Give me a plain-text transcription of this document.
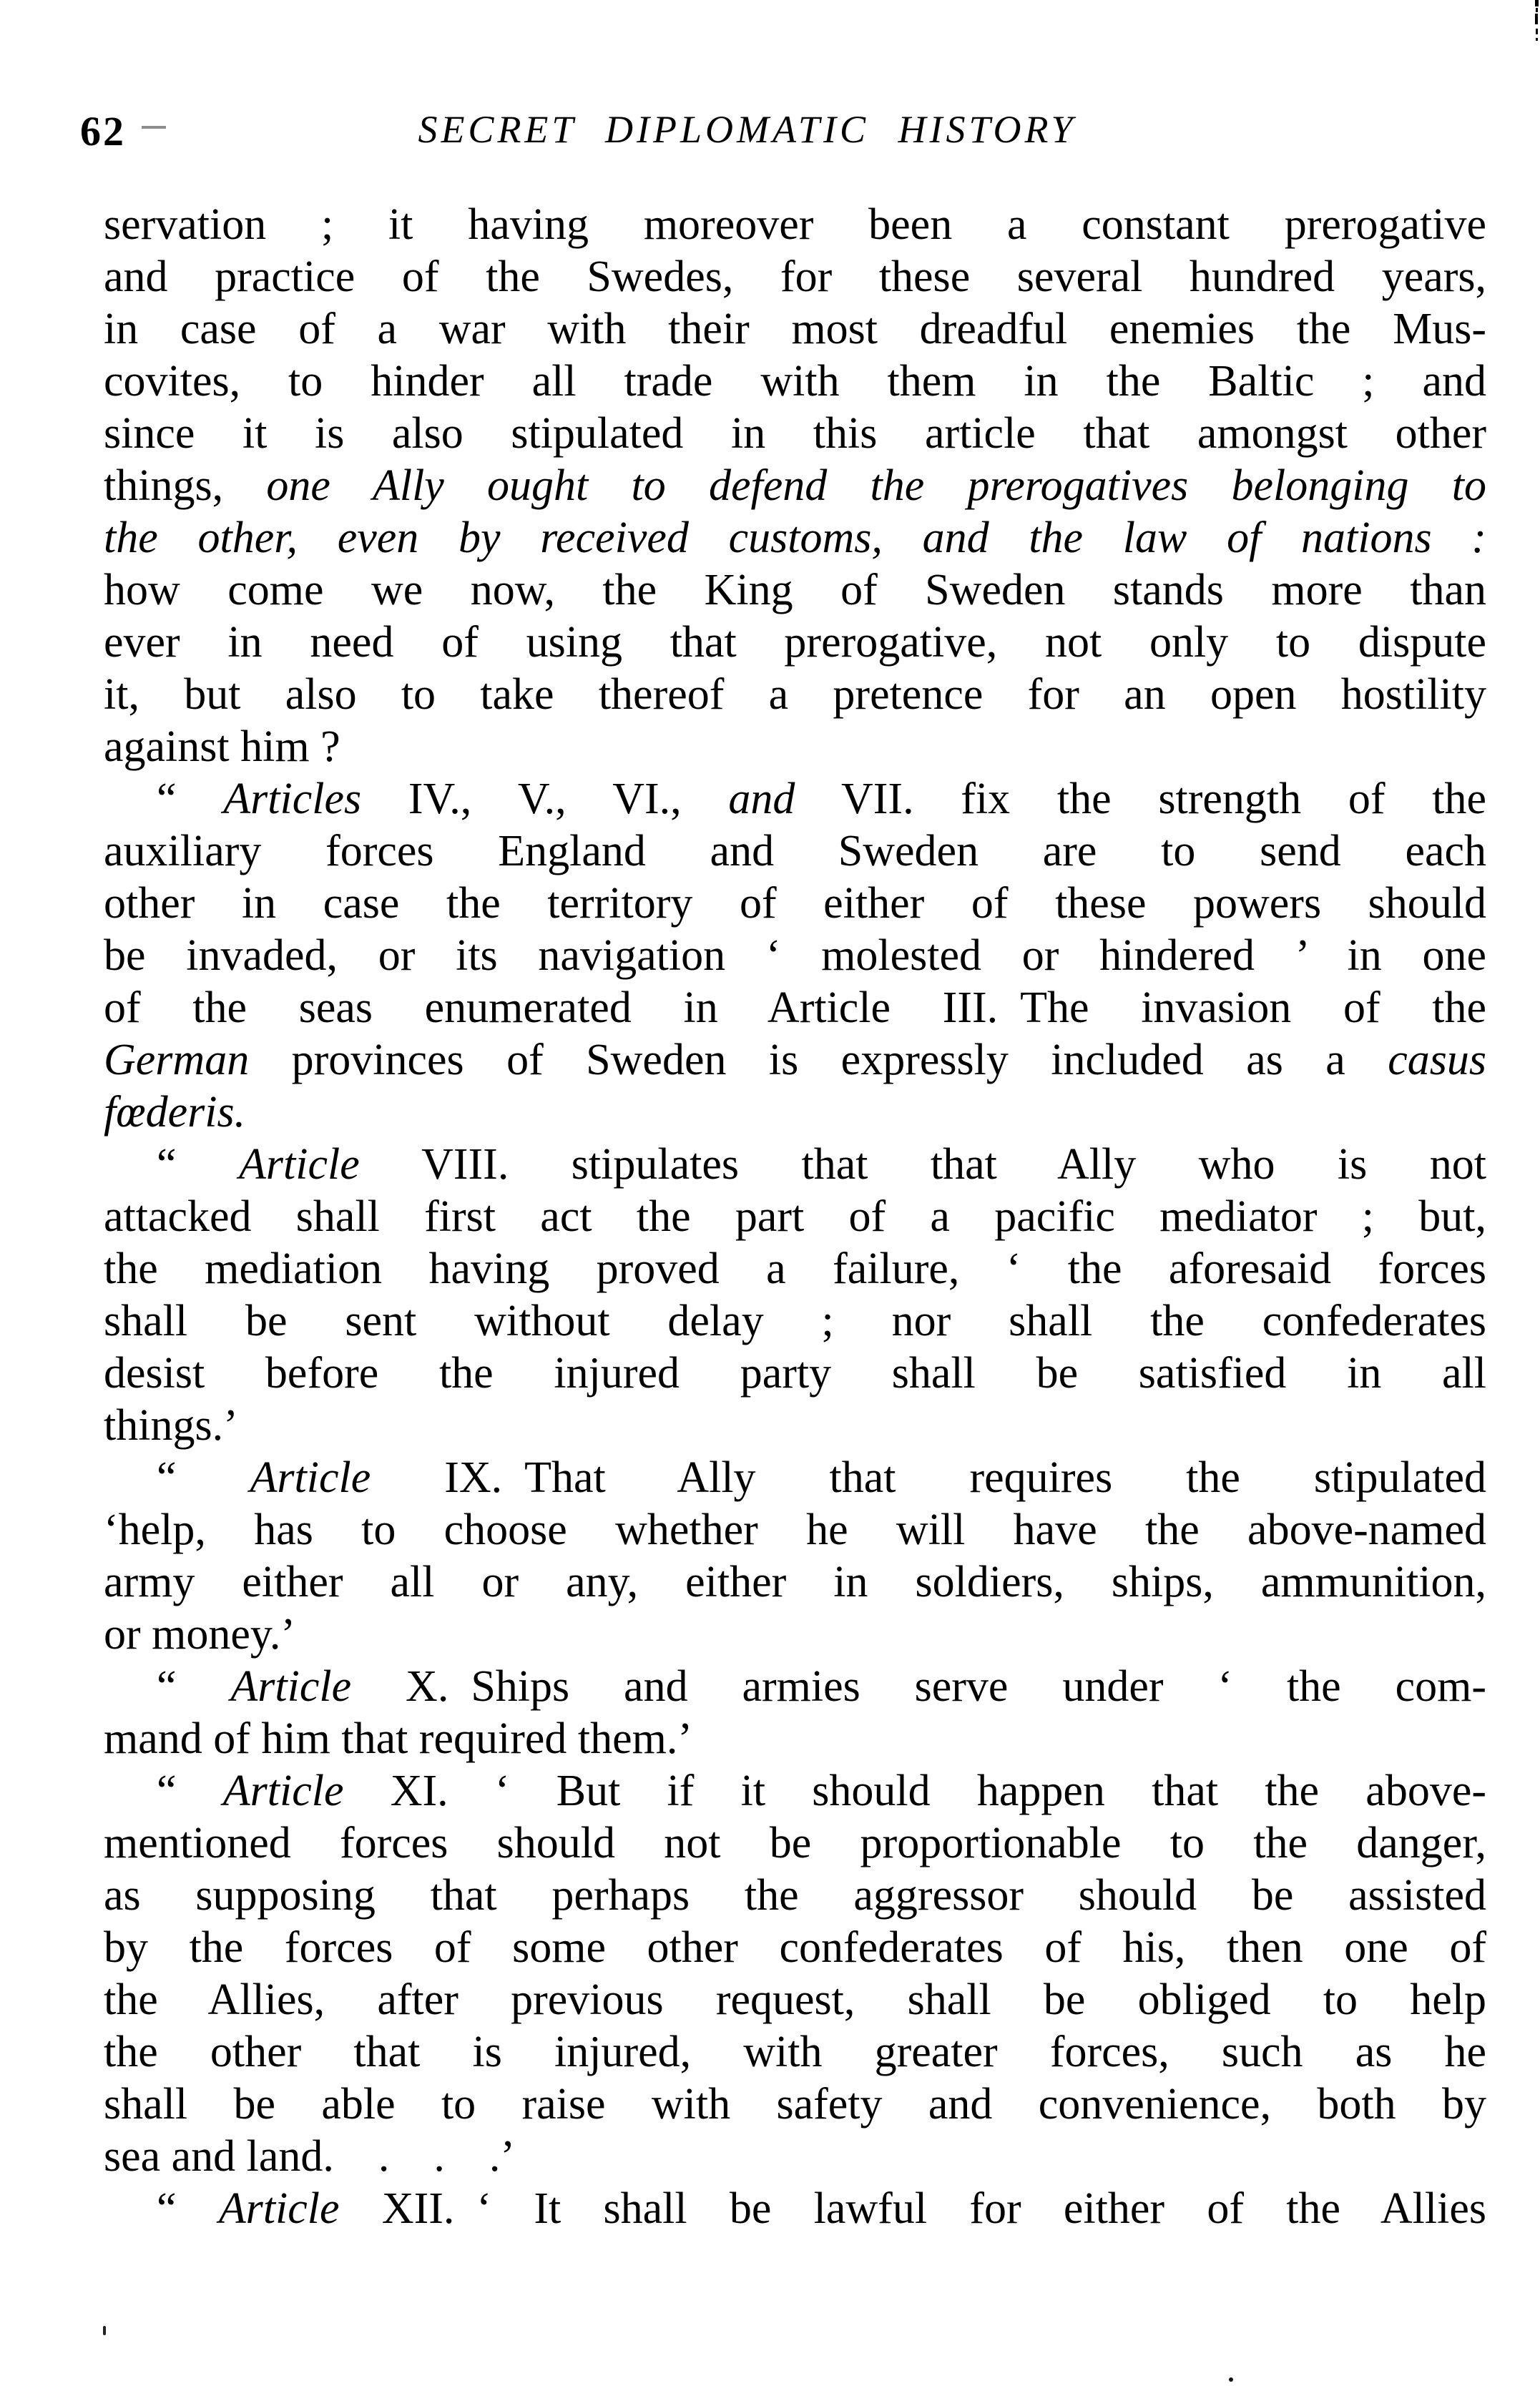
62	SECRET DIPLOMATIC HISTORY
servation ; it having moreover been a constant prerogative
and practice of the Swedes, for these several hundred years,
in case of a war with their most dreadful enemies the Mus-
covites, to hinder all trade with them in the Baltic ; and
since it is also stipulated in this article that amongst other
things, one Ally ought to defend the prerogatives belonging to
the other, even by received customs, and the law of nations :
how come we now, the King of Sweden stands more than
ever in need of using that prerogative, not only to dispute
it, but also to take thereof a pretence for an open hostility
against him ?
“ Articles IV., V., VI., and VII. fix the strength of the
auxiliary forces England and Sweden are to send each
other in case the territory of either of these powers should
be invaded, or its navigation ‘ molested or hindered ’ in one
of the seas enumerated in Article III. The invasion of the
German provinces of Sweden is expressly included as a casus
fœderis.
“ Article VIII. stipulates that that Ally who is not
attacked shall first act the part of a pacific mediator ; but,
the mediation having proved a failure, ‘ the aforesaid forces
shall be sent without delay ; nor shall the confederates
desist before the injured party shall be satisfied in all
things.’
“ Article IX. That Ally that requires the stipulated
‘help, has to choose whether he will have the above-named
army either all or any, either in soldiers, ships, ammunition,
or money.’
“ Article X. Ships and armies serve under ‘ the com-
mand of him that required them.’
“ Article XI. ‘ But if it should happen that the above-
mentioned forces should not be proportionable to the danger,
as supposing that perhaps the aggressor should be assisted
by the forces of some other confederates of his, then one of
the Allies, after previous request, shall be obliged to help
the other that is injured, with greater forces, such as he
shall be able to raise with safety and convenience, both by
sea and land. . . .’
“ Article XII. ‘ It shall be lawful for either of the Allies
